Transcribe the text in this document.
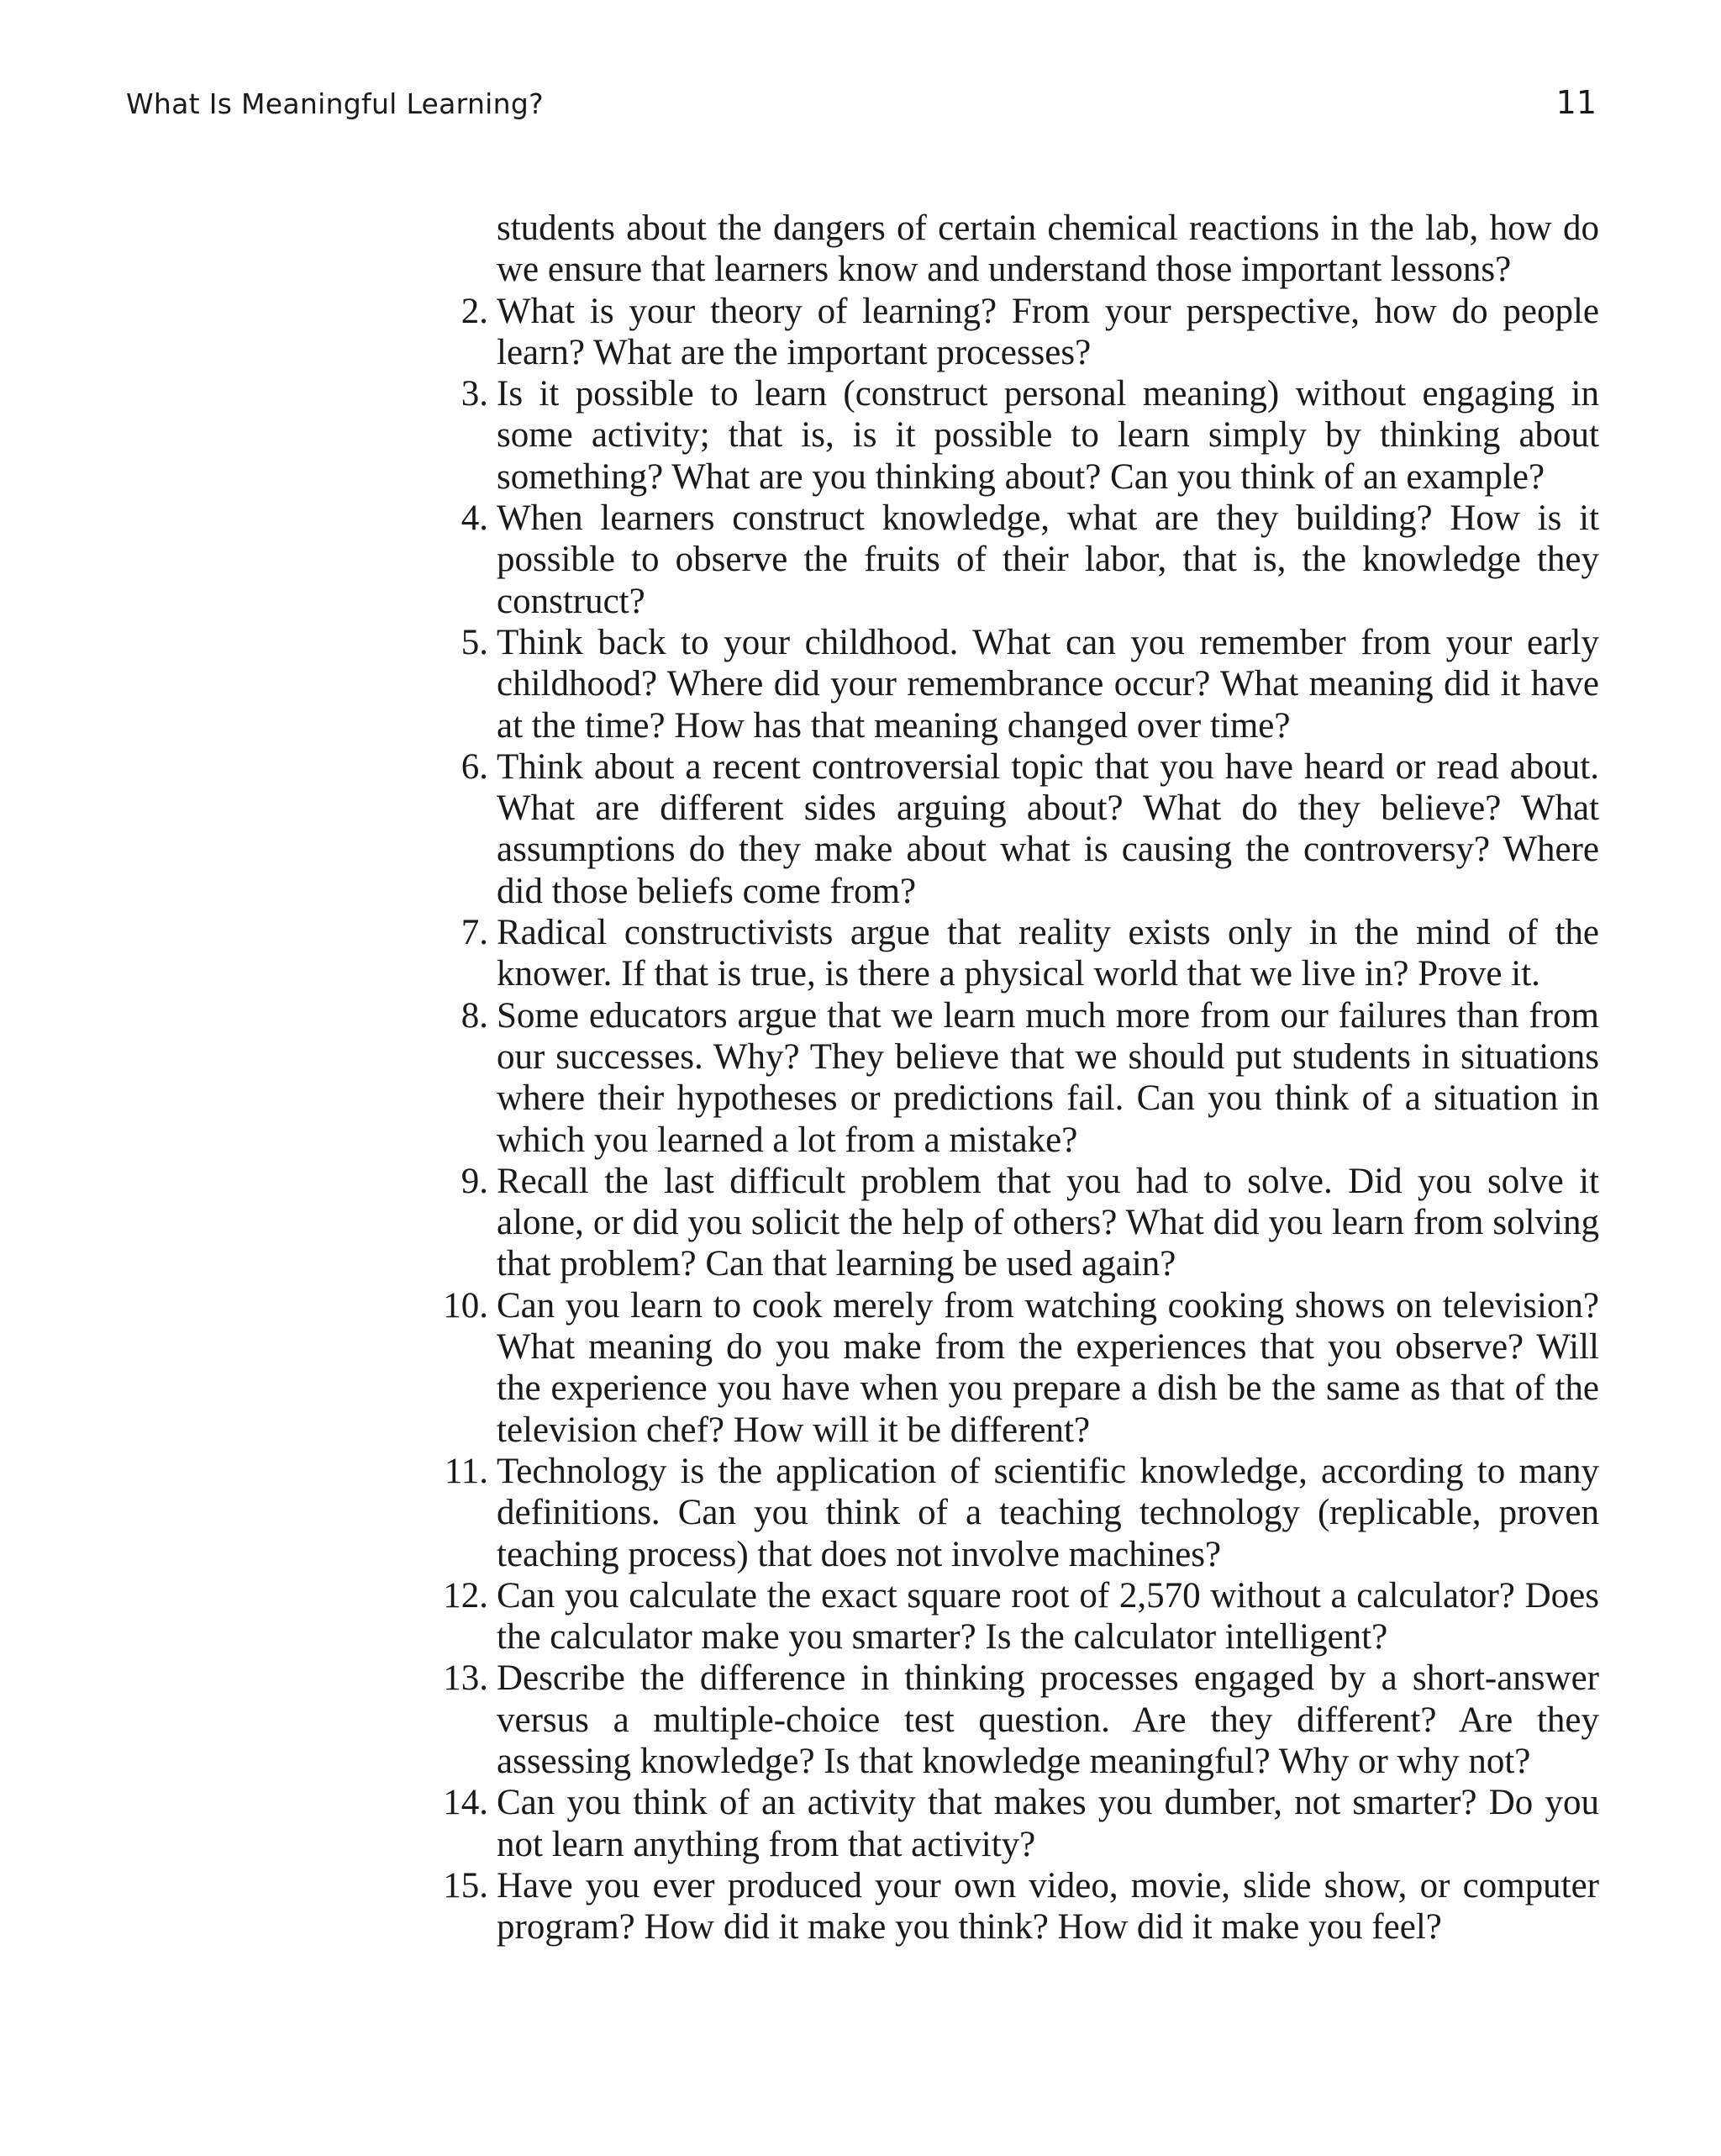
What Is Meaningful Learning?	11

students about the dangers of certain chemical reactions in the lab, how do we ensure that learners know and understand those important lessons?

2. What is your theory of learning? From your perspective, how do people learn? What are the important processes?
3. Is it possible to learn (construct personal meaning) without engaging in some activity; that is, is it possible to learn simply by thinking about something? What are you thinking about? Can you think of an example?
4. When learners construct knowledge, what are they building? How is it possible to observe the fruits of their labor, that is, the knowledge they construct?
5. Think back to your childhood. What can you remember from your early childhood? Where did your remembrance occur? What meaning did it have at the time? How has that meaning changed over time?
6. Think about a recent controversial topic that you have heard or read about. What are different sides arguing about? What do they believe? What assumptions do they make about what is causing the controversy? Where did those beliefs come from?
7. Radical constructivists argue that reality exists only in the mind of the knower. If that is true, is there a physical world that we live in? Prove it.
8. Some educators argue that we learn much more from our failures than from our successes. Why? They believe that we should put students in situations where their hypotheses or predictions fail. Can you think of a situation in which you learned a lot from a mistake?
9. Recall the last difficult problem that you had to solve. Did you solve it alone, or did you solicit the help of others? What did you learn from solving that problem? Can that learning be used again?
10. Can you learn to cook merely from watching cooking shows on television? What meaning do you make from the experiences that you observe? Will the experience you have when you prepare a dish be the same as that of the television chef? How will it be different?
11. Technology is the application of scientific knowledge, according to many definitions. Can you think of a teaching technology (replicable, proven teaching process) that does not involve machines?
12. Can you calculate the exact square root of 2,570 without a calculator? Does the calculator make you smarter? Is the calculator intelligent?
13. Describe the difference in thinking processes engaged by a short-answer versus a multiple-choice test question. Are they different? Are they assessing knowledge? Is that knowledge meaningful? Why or why not?
14. Can you think of an activity that makes you dumber, not smarter? Do you not learn anything from that activity?
15. Have you ever produced your own video, movie, slide show, or computer program? How did it make you think? How did it make you feel?
